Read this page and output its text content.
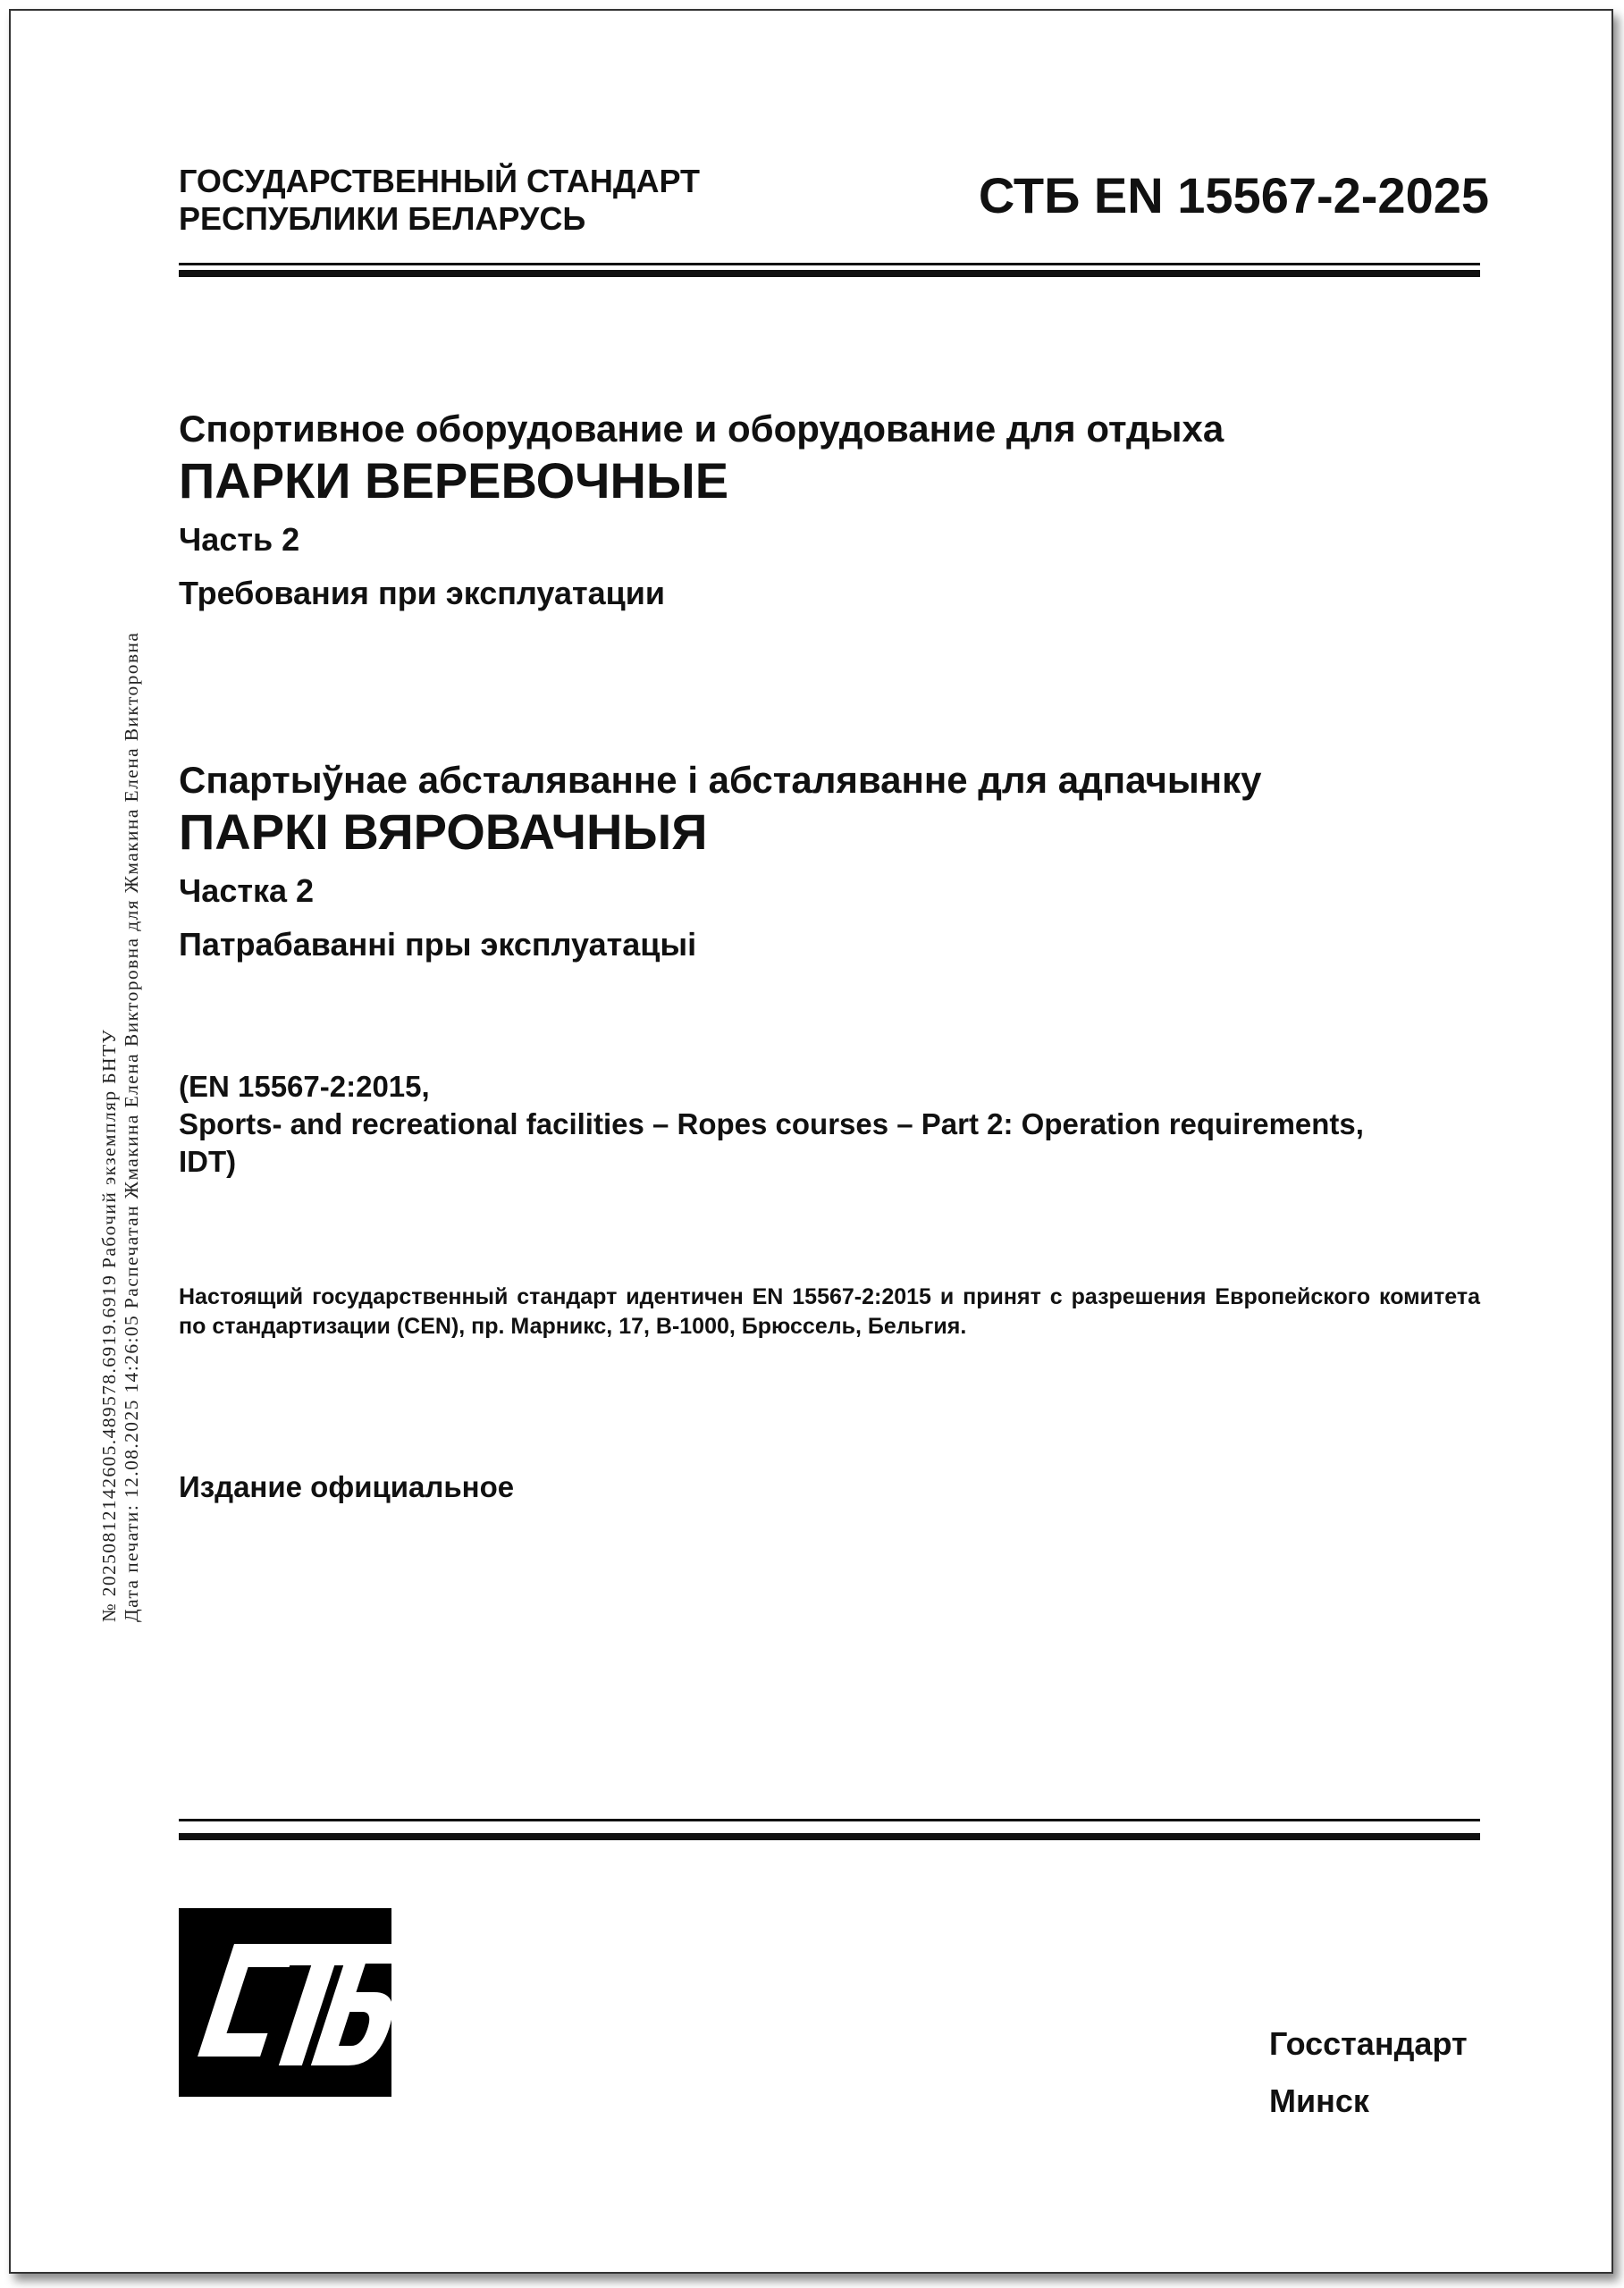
ГОСУДАРСТВЕННЫЙ СТАНДАРТ
РЕСПУБЛИКИ БЕЛАРУСЬ	СТБ EN 15567-2-2025
Спортивное оборудование и оборудование для отдыха
ПАРКИ ВЕРЕВОЧНЫЕ
Часть 2
Требования при эксплуатации
Спартыўнае абсталяванне і абсталяванне для адпачынку
ПАРКІ ВЯРОВАЧНЫЯ
Частка 2
Патрабаванні пры эксплуатацыі
(EN 15567-2:2015,
Sports- and recreational facilities – Ropes courses – Part 2: Operation requirements,
IDT)
Настоящий государственный стандарт идентичен EN 15567-2:2015 и принят с разрешения Европейского комитета по стандартизации (CEN), пр. Марникс, 17, B-1000, Брюссель, Бельгия.
Издание официальное
№ 20250812142605.489578.6919.6919 Рабочий экземпляр БНТУ Дата печати: 12.08.2025 14:26:05 Распечатан Жмакина Елена Викторовна для Жмакина Елена Викторовна
Госстандарт
Минск
